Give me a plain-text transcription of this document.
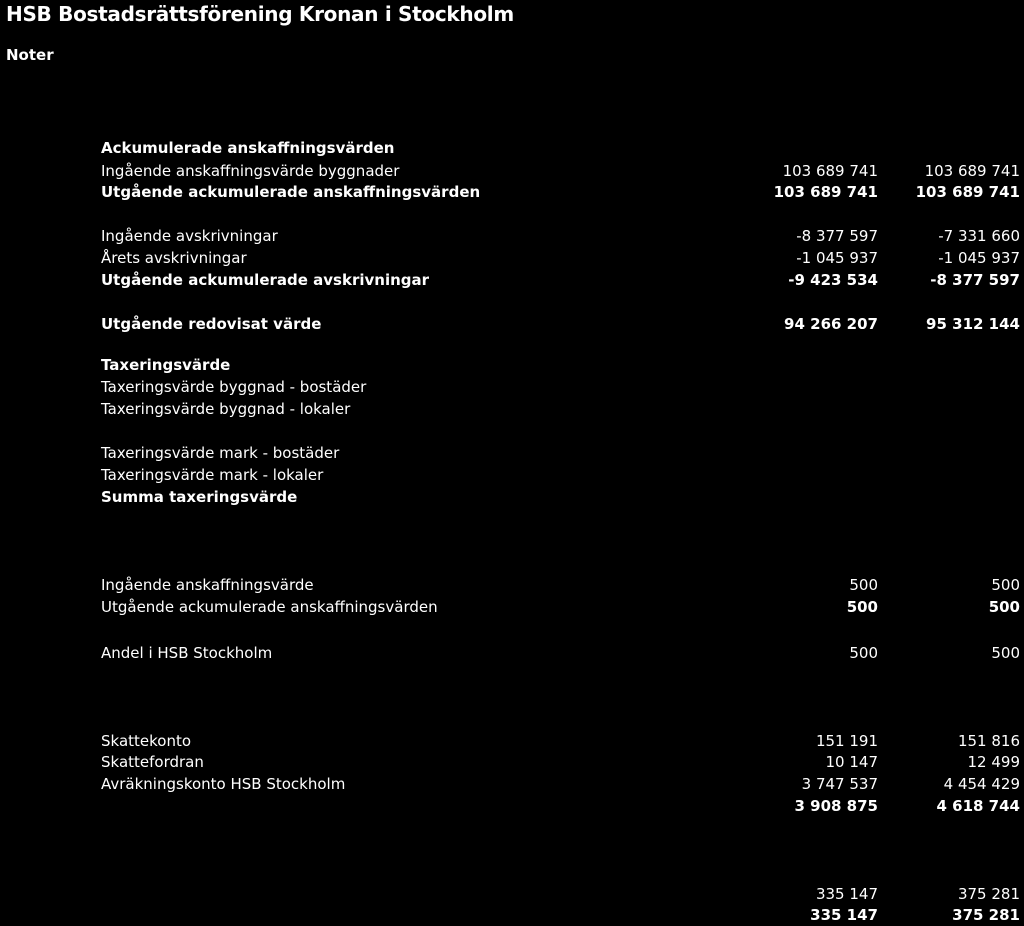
HSB Bostadsrättsförening Kronan i Stockholm
Noter
Ackumulerade anskaffningsvärden
Ingående anskaffningsvärde byggnader	103 689 741	103 689 741
Utgående ackumulerade anskaffningsvärden	103 689 741	103 689 741
Ingående avskrivningar	-8 377 597	-7 331 660
Årets avskrivningar	-1 045 937	-1 045 937
Utgående ackumulerade avskrivningar	-9 423 534	-8 377 597
Utgående redovisat värde	94 266 207	95 312 144
Taxeringsvärde
Taxeringsvärde byggnad - bostäder
Taxeringsvärde byggnad - lokaler
Taxeringsvärde mark - bostäder
Taxeringsvärde mark - lokaler
Summa taxeringsvärde
Ingående anskaffningsvärde	500	500
Utgående ackumulerade anskaffningsvärden	500	500
Andel i HSB Stockholm	500	500
Skattekonto	151 191	151 816
Skattefordran	10 147	12 499
Avräkningskonto HSB Stockholm	3 747 537	4 454 429
3 908 875	4 618 744
335 147	375 281
335 147	375 281
